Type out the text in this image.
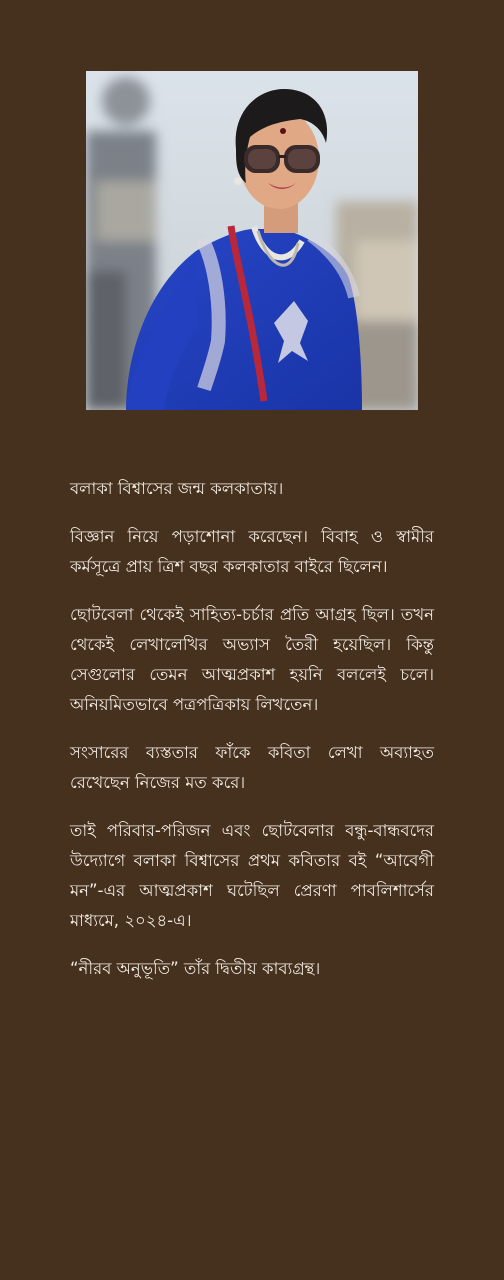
বলাকা বিশ্বাসের জন্ম কলকাতায়।

বিজ্ঞান নিয়ে পড়াশোনা করেছেন। বিবাহ ও স্বামীর কর্মসূত্রে প্রায় ত্রিশ বছর কলকাতার বাইরে ছিলেন।

ছোটবেলা থেকেই সাহিত্য-চর্চার প্রতি আগ্রহ ছিল। তখন থেকেই লেখালেখির অভ্যাস তৈরী হয়েছিল। কিন্তু সেগুলোর তেমন আত্মপ্রকাশ হয়নি বললেই চলে। অনিয়মিতভাবে পত্রপত্রিকায় লিখতেন।

সংসারের ব্যস্ততার ফাঁকে কবিতা লেখা অব্যাহত রেখেছেন নিজের মত করে।

তাই পরিবার-পরিজন এবং ছোটবেলার বন্ধু-বান্ধবদের উদ্যোগে বলাকা বিশ্বাসের প্রথম কবিতার বই “আবেগী মন”-এর আত্মপ্রকাশ ঘটেছিল প্রেরণা পাবলিশার্সের মাধ্যমে, ২০২৪-এ।

“নীরব অনুভূতি” তাঁর দ্বিতীয় কাব্যগ্রন্থ।
